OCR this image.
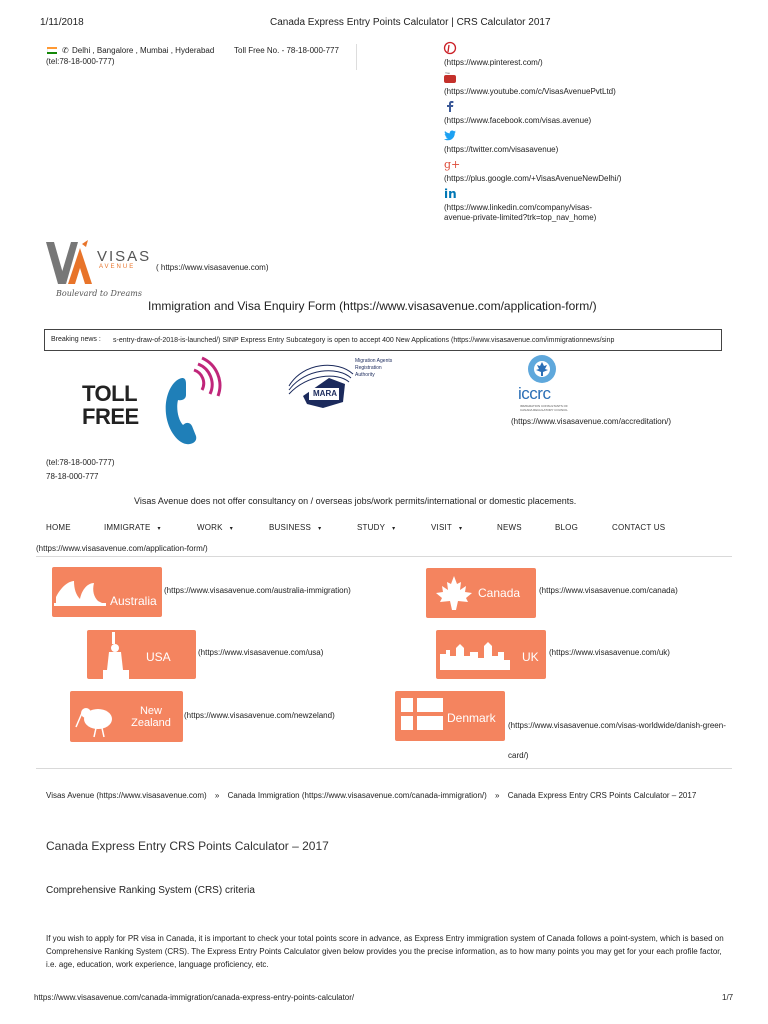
1/11/2018	Canada Express Entry Points Calculator | CRS Calculator 2017
✆ Delhi , Bangalore , Mumbai , Hyderabad Toll Free No. - 78-18-000-777
(tel:78-18-000-777)	(https://www.pinterest.com/)
You
(https://www.youtube.com/c/VisasAvenuePvtLtd)
(https://www.facebook.com/visas.avenue)
(https://twitter.com/visasavenue)
g+
(https://plus.google.com/+VisasAvenueNewDelhi/)
in
(https://www.linkedin.com/company/visas-avenue-private-limited?trk=top_nav_home)
VISAS
AVENUE
Boulevard to Dreams
( https://www.visasavenue.com)
Immigration and Visa Enquiry Form (https://www.visasavenue.com/application-form/)
Breaking news : s-entry-draw-of-2018-is-launched/) SINP Express Entry Subcategory is open to accept 400 New Applications (https://www.visasavenue.com/immigrationnews/sinp
TOLL
FREE
MARA
Migration Agents Registration Authority
iccrc
IMMIGRATION CONSULTANTS OF CANADA REGULATORY COUNCIL
(https://www.visasavenue.com/accreditation/)
(tel:78-18-000-777)
78-18-000-777
Visas Avenue does not offer consultancy on / overseas jobs/work permits/international or domestic placements.
HOME	IMMIGRATE ▾	WORK ▾	BUSINESS ▾	STUDY ▾	VISIT ▾	NEWS	BLOG	CONTACT US
(https://www.visasavenue.com/application-form/)
Australia
(https://www.visasavenue.com/australia-immigration)	Canada (https://www.visasavenue.com/canada)
USA	(https://www.visasavenue.com/usa)	UK (https://www.visasavenue.com/uk)
New Zealand
(https://www.visasavenue.com/newzeland)	Denmark
(https://www.visasavenue.com/visas-worldwide/danish-green-card/)
Visas Avenue (https://www.visasavenue.com) » Canada Immigration (https://www.visasavenue.com/canada-immigration/) » Canada Express Entry CRS Points Calculator – 2017
Canada Express Entry CRS Points Calculator – 2017
Comprehensive Ranking System (CRS) criteria
If you wish to apply for PR visa in Canada, it is important to check your total points score in advance, as Express Entry immigration system of Canada follows a point-system, which is based on Comprehensive Ranking System (CRS). The Express Entry Points Calculator given below provides you the precise information, as to how many points you may get for your each profile factor, i.e. age, education, work experience, language proficiency, etc.
https://www.visasavenue.com/canada-immigration/canada-express-entry-points-calculator/	1/7
